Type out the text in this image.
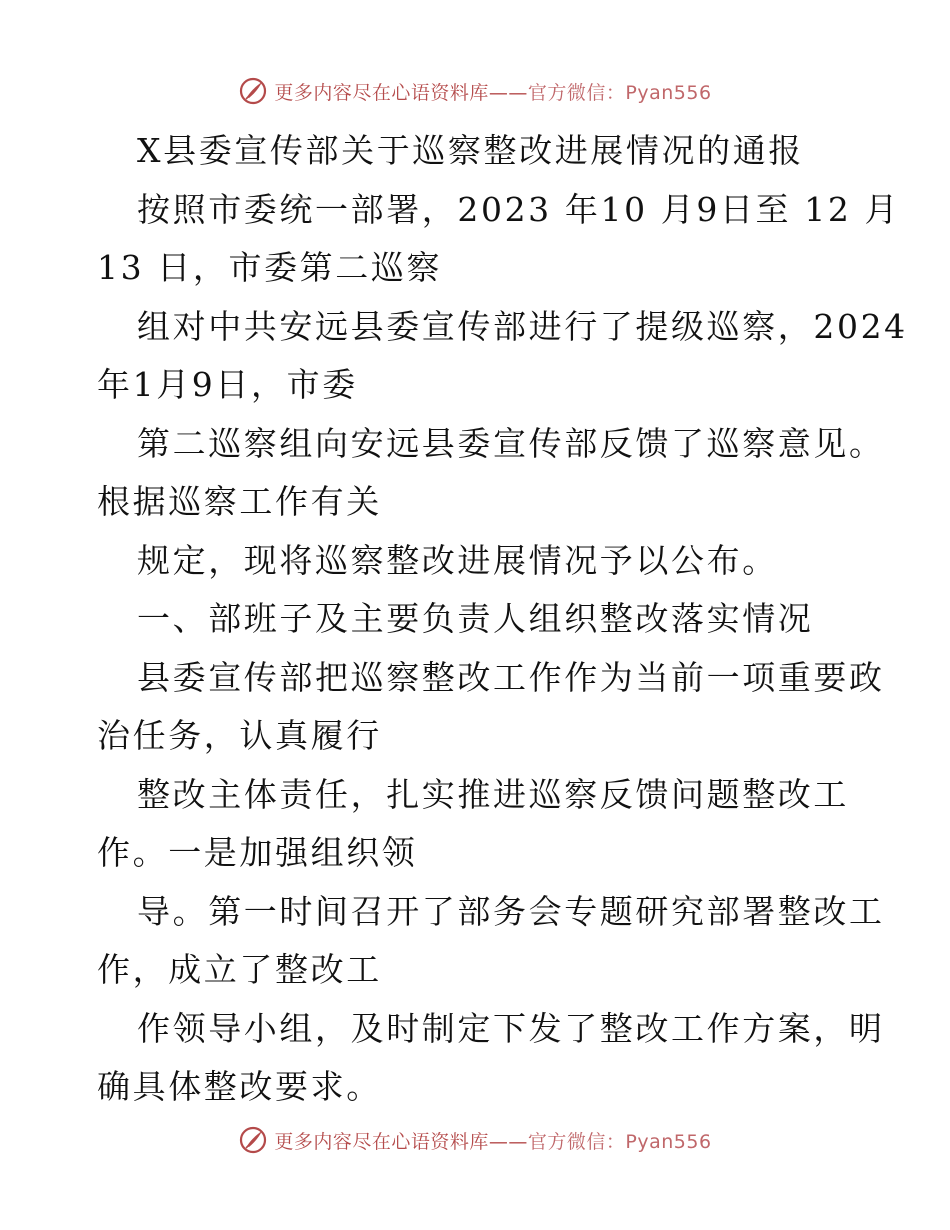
更多内容尽在心语资料库——官方微信：Pyan556
X县委宣传部关于巡察整改进展情况的通报
按照市委统一部署，2023 年10 月9日至 12 月
13 日，市委第二巡察
组对中共安远县委宣传部进行了提级巡察，2024
年1月9日，市委
第二巡察组向安远县委宣传部反馈了巡察意见。
根据巡察工作有关
规定，现将巡察整改进展情况予以公布。
一、部班子及主要负责人组织整改落实情况
县委宣传部把巡察整改工作作为当前一项重要政
治任务，认真履行
整改主体责任，扎实推进巡察反馈问题整改工
作。一是加强组织领
导。第一时间召开了部务会专题研究部署整改工
作，成立了整改工
作领导小组，及时制定下发了整改工作方案，明
确具体整改要求。
更多内容尽在心语资料库——官方微信：Pyan556
